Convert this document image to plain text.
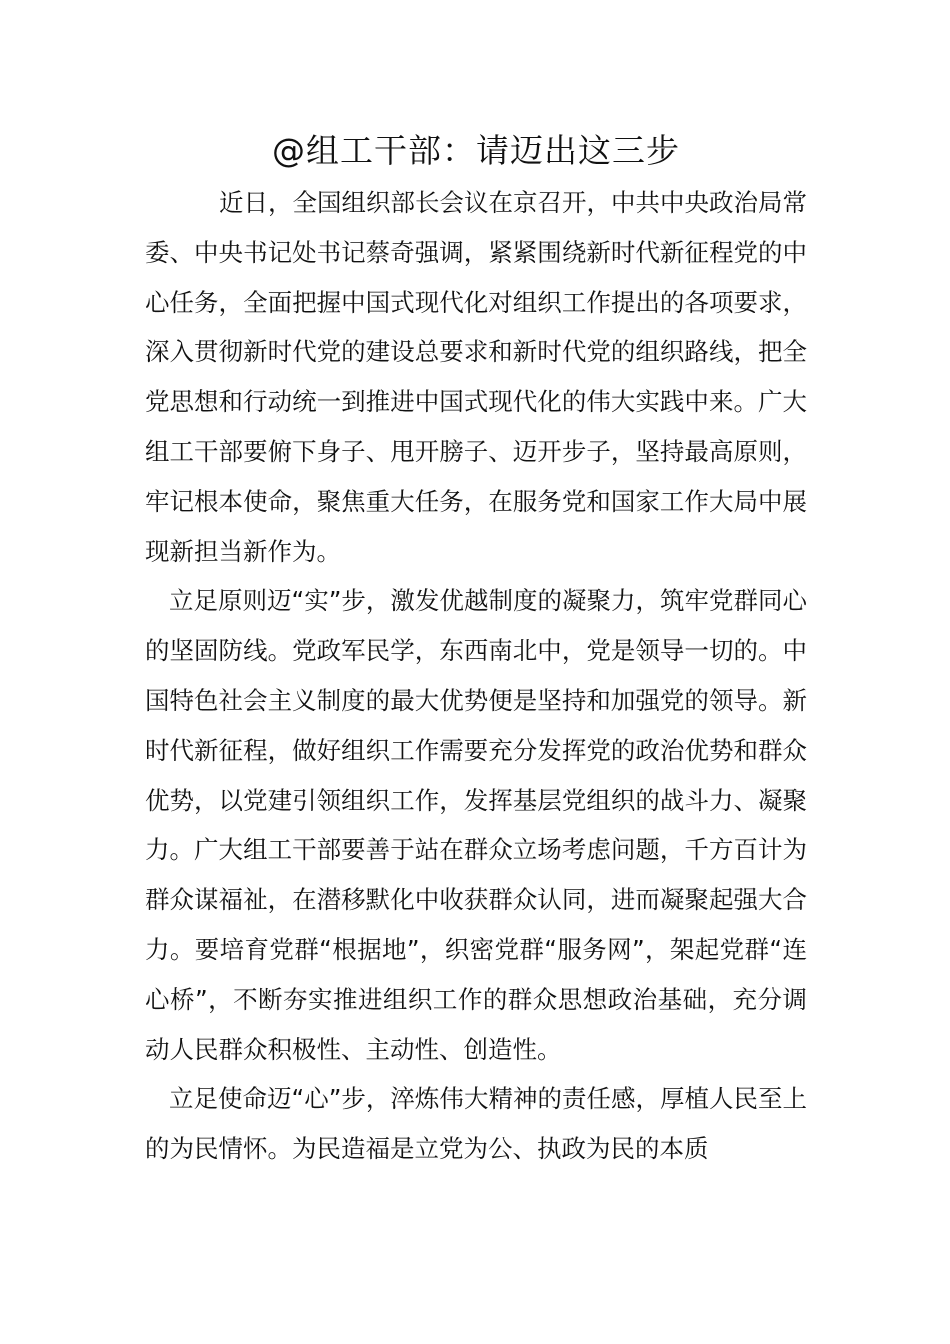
@组工干部：请迈出这三步

近日，全国组织部长会议在京召开，中共中央政治局常委、中央书记处书记蔡奇强调，紧紧围绕新时代新征程党的中心任务，全面把握中国式现代化对组织工作提出的各项要求，深入贯彻新时代党的建设总要求和新时代党的组织路线，把全党思想和行动统一到推进中国式现代化的伟大实践中来。广大组工干部要俯下身子、甩开膀子、迈开步子，坚持最高原则，牢记根本使命，聚焦重大任务，在服务党和国家工作大局中展现新担当新作为。

立足原则迈“实”步，激发优越制度的凝聚力，筑牢党群同心的坚固防线。党政军民学，东西南北中，党是领导一切的。中国特色社会主义制度的最大优势便是坚持和加强党的领导。新时代新征程，做好组织工作需要充分发挥党的政治优势和群众优势，以党建引领组织工作，发挥基层党组织的战斗力、凝聚力。广大组工干部要善于站在群众立场考虑问题，千方百计为群众谋福祉，在潜移默化中收获群众认同，进而凝聚起强大合力。要培育党群“根据地”，织密党群“服务网”，架起党群“连心桥”，不断夯实推进组织工作的群众思想政治基础，充分调动人民群众积极性、主动性、创造性。

立足使命迈“心”步，淬炼伟大精神的责任感，厚植人民至上的为民情怀。为民造福是立党为公、执政为民的本质
